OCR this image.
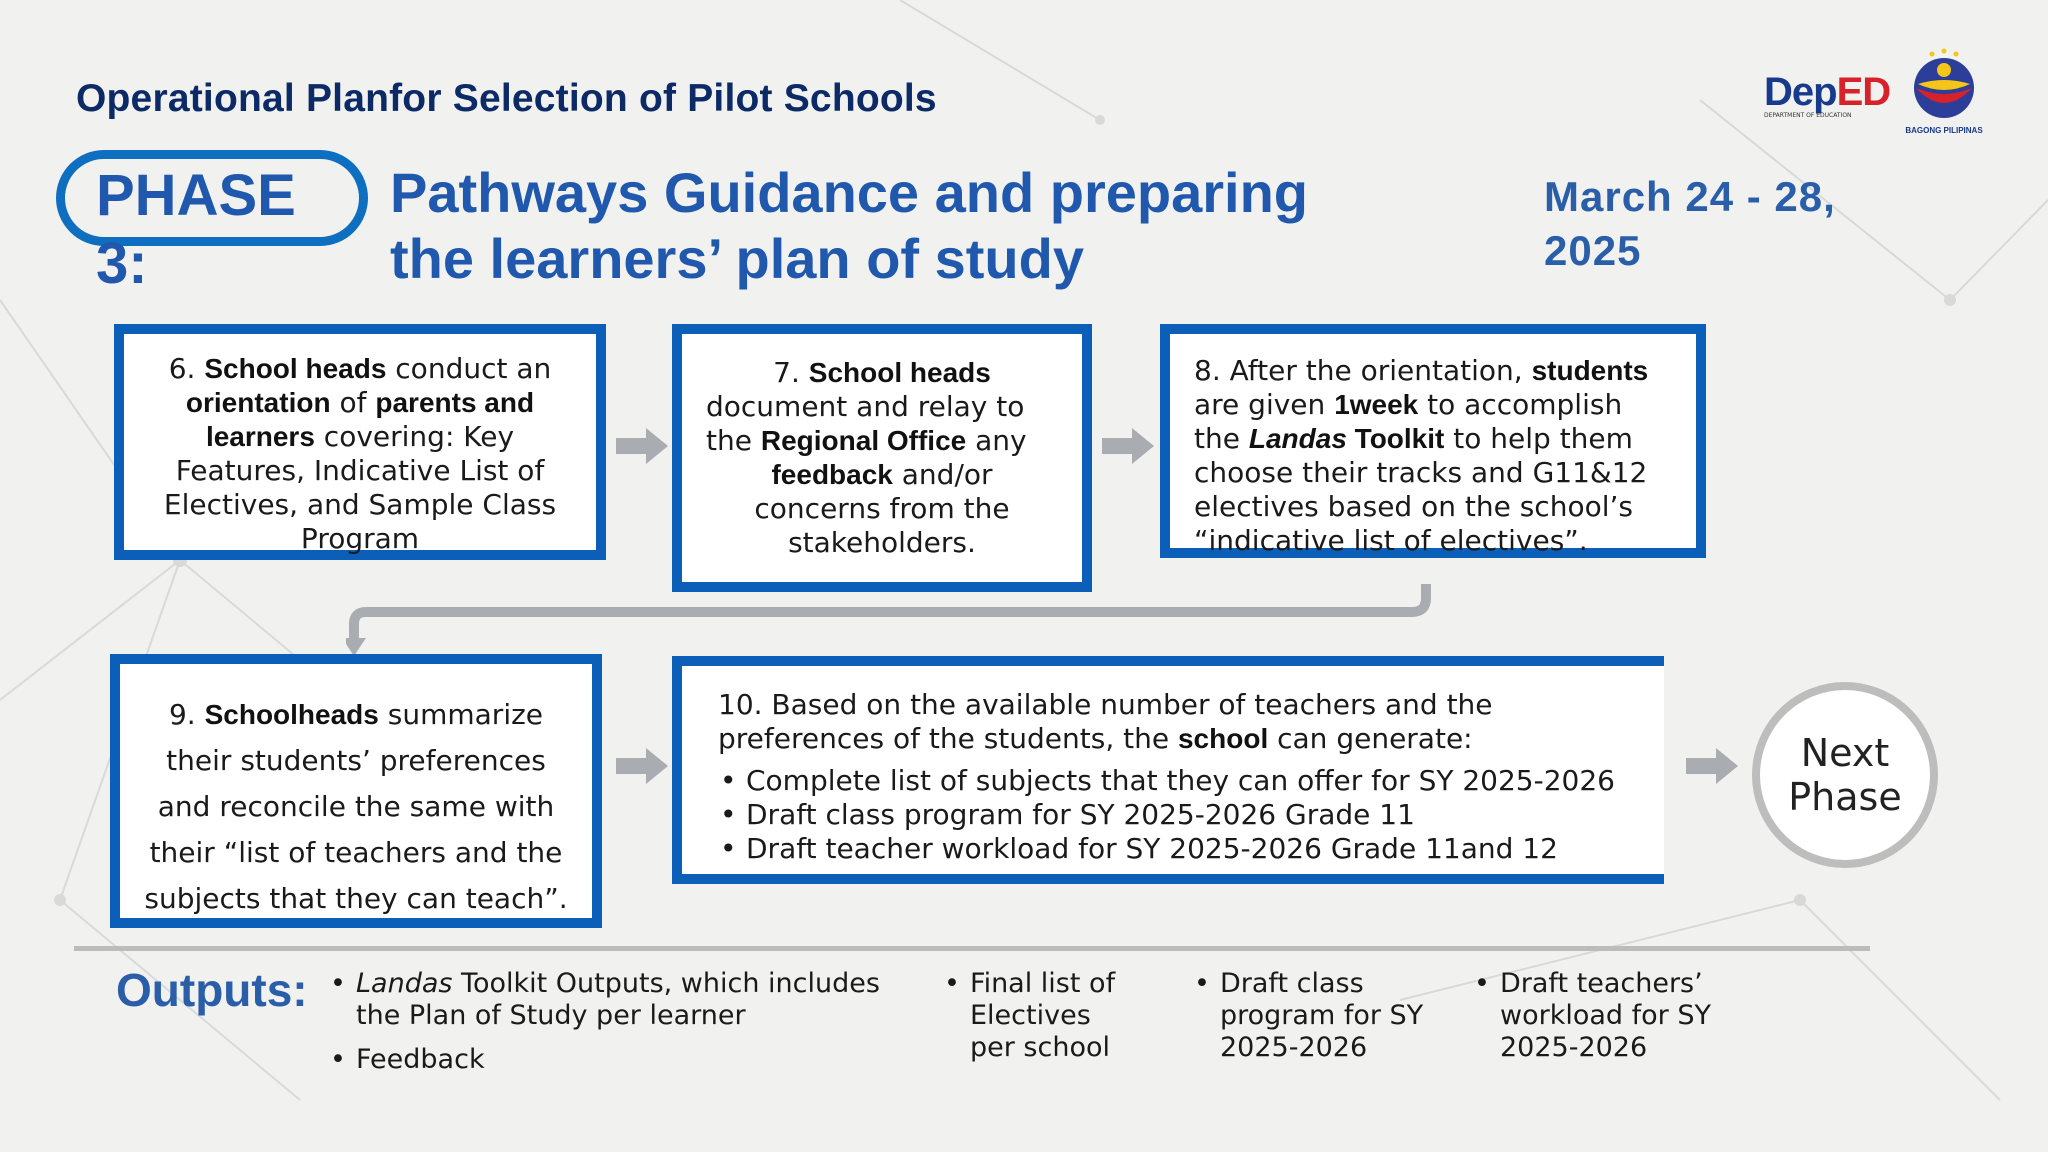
Operational Planfor Selection of Pilot Schools	DepED
DEPARTMENT OF EDUCATION
BAGONG PILIPINAS
PHASE 3:
Pathways Guidance and preparing the learners’ plan of study
March 24 - 28, 2025
6. School heads conduct an orientation of parents and learners covering: Key Features, Indicative List of Electives, and Sample Class Program
7. School heads
document and relay to the Regional Office any
feedback and/or concerns from the stakeholders.
8. After the orientation, students are given 1week to accomplish the Landas Toolkit to help them choose their tracks and G11&12 electives based on the school’s “indicative list of electives”.
9. Schoolheads summarize their students’ preferences and reconcile the same with their “list of teachers and the subjects that they can teach”.

10. Based on the available number of teachers and the preferences of the students, the school can generate:

• Complete list of subjects that they can offer for SY 2025-2026
• Draft class program for SY 2025-2026 Grade 11
• Draft teacher workload for SY 2025-2026 Grade 11and 12
Next Phase
Outputs:
•	Landas Toolkit Outputs, which includes the Plan of Study per learner
• Feedback
• Final list of Electives per school
• Draft class program for SY 2025-2026
• Draft teachers’ workload for SY 2025-2026
